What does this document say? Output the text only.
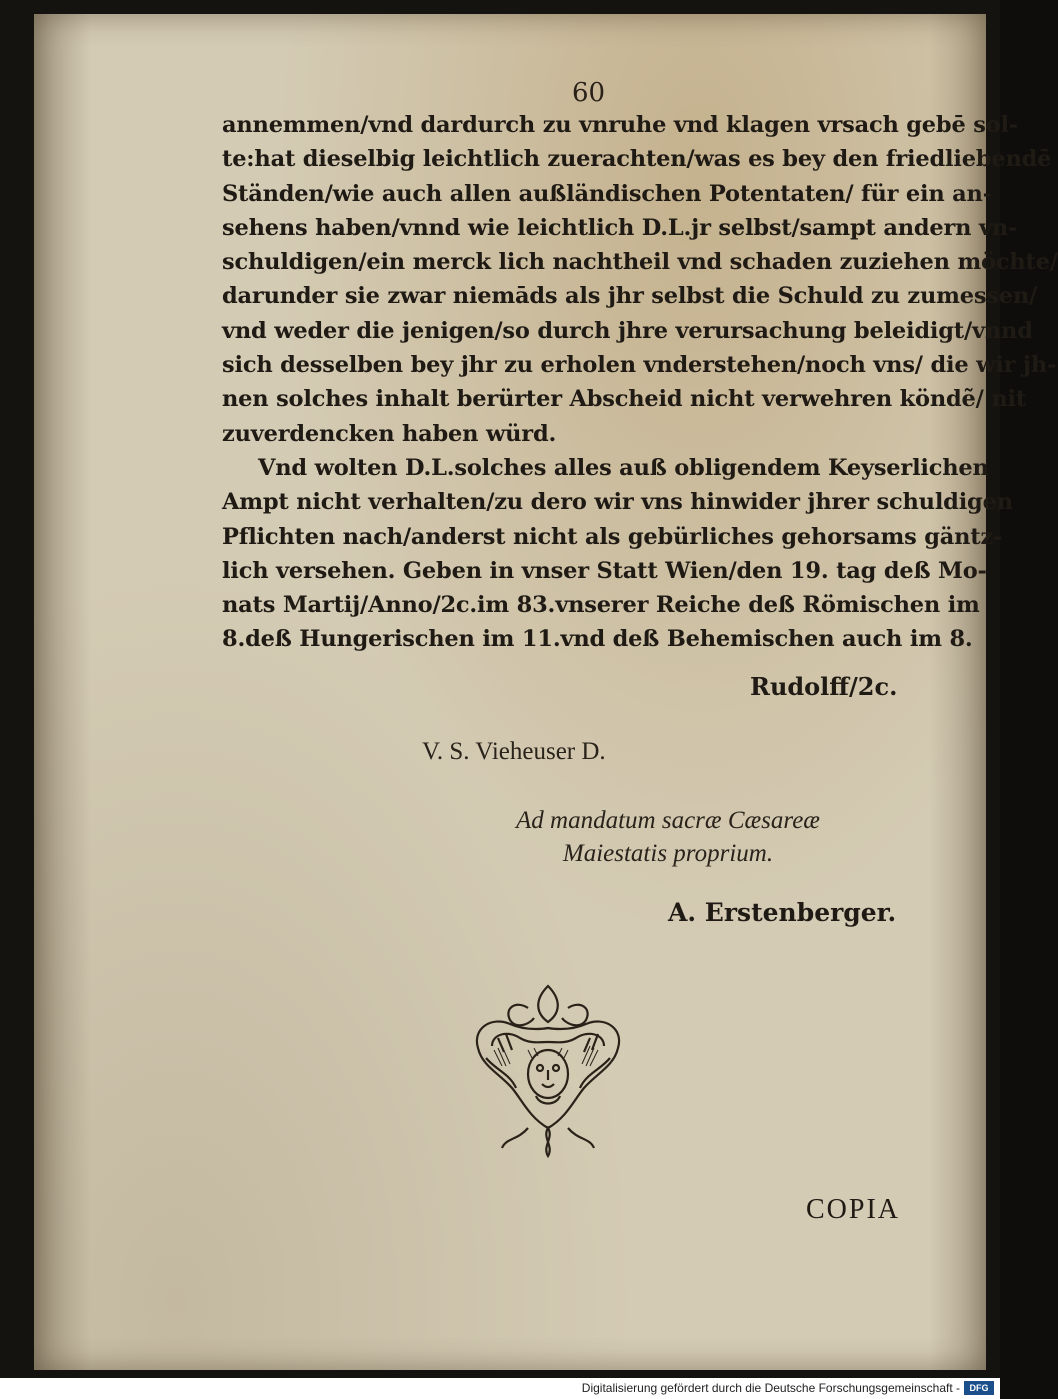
60
annemmen/vnd dardurch zu vnruhe vnd klagen vrsach gebē sol-
te:hat dieselbig leichtlich zuerachten/was es bey den friedliebendē
Ständen/wie auch allen außländischen Potentaten/ für ein an-
sehens haben/vnnd wie leichtlich D.L.jr selbst/sampt andern vn-
schuldigen/ein merck lich nachtheil vnd schaden zuziehen möchte/
darunder sie zwar niemāds als jhr selbst die Schuld zu zumessen/
vnd weder die jenigen/so durch jhre verursachung beleidigt/vnnd
sich desselben bey jhr zu erholen vnderstehen/noch vns/ die wir jh-
nen solches inhalt berürter Abscheid nicht verwehren köndẽ/ nit
zuverdencken haben würd.
Vnd wolten D.L.solches alles auß obligendem Keyserlichen
Ampt nicht verhalten/zu dero wir vns hinwider jhrer schuldigen
Pflichten nach/anderst nicht als gebürliches gehorsams gäntz-
lich versehen. Geben in vnser Statt Wien/den 19. tag deß Mo-
nats Martij/Anno/2c.im 83.vnserer Reiche deß Römischen im
8.deß Hungerischen im 11.vnd deß Behemischen auch im 8.
Rudolff/2c.
V. S. Vieheuser D.
Ad mandatum sacræ Cæsareæ
Maiestatis proprium.
A. Erstenberger.
COPIA
Digitalisierung gefördert durch die Deutsche Forschungsgemeinschaft -	DFG
